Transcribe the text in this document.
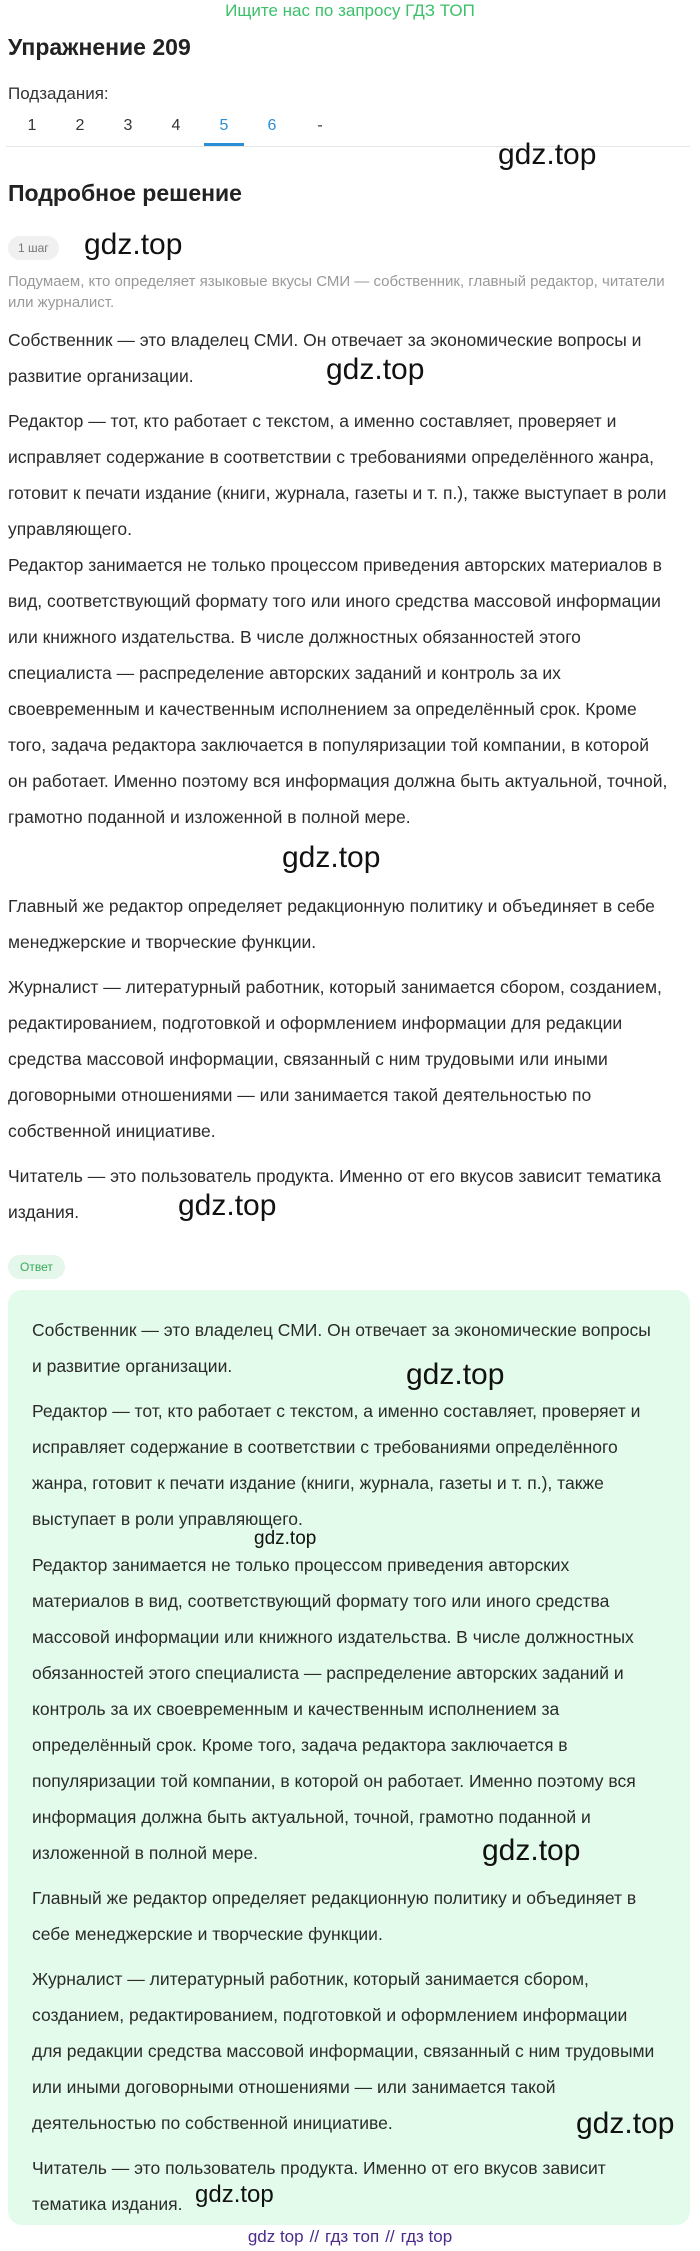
Ищите нас по запросу ГДЗ ТОП
Упражнение 209
Подзадания:
1	2	3	4	5	6	-
gdz.top
Подробное решение
1 шаг	gdz.top
Подумаем, кто определяет языковые вкусы СМИ — собственник, главный редактор, читатели или журналист.
Собственник — это владелец СМИ. Он отвечает за экономические вопросы и развитие организации.	gdz.top
Редактор — тот, кто работает с текстом, а именно составляет, проверяет и исправляет содержание в соответствии с требованиями определённого жанра, готовит к печати издание (книги, журнала, газеты и т. п.), также выступает в роли управляющего.
Редактор занимается не только процессом приведения авторских материалов в вид, соответствующий формату того или иного средства массовой информации или книжного издательства. В числе должностных обязанностей этого специалиста — распределение авторских заданий и контроль за их своевременным и качественным исполнением за определённый срок. Кроме того, задача редактора заключается в популяризации той компании, в которой он работает. Именно поэтому вся информация должна быть актуальной, точной, грамотно поданной и изложенной в полной мере.
gdz.top
Главный же редактор определяет редакционную политику и объединяет в себе менеджерские и творческие функции.
Журналист — литературный работник, который занимается сбором, созданием, редактированием, подготовкой и оформлением информации для редакции средства массовой информации, связанный с ним трудовыми или иными договорными отношениями — или занимается такой деятельностью по собственной инициативе.
Читатель — это пользователь продукта. Именно от его вкусов зависит тематика издания.	gdz.top
Ответ
Собственник — это владелец СМИ. Он отвечает за экономические вопросы и развитие организации.	gdz.top
Редактор — тот, кто работает с текстом, а именно составляет, проверяет и исправляет содержание в соответствии с требованиями определённого жанра, готовит к печати издание (книги, журнала, газеты и т. п.), также выступает в роли управляющего.
gdz.top
Редактор занимается не только процессом приведения авторских материалов в вид, соответствующий формату того или иного средства массовой информации или книжного издательства. В числе должностных обязанностей этого специалиста — распределение авторских заданий и контроль за их своевременным и качественным исполнением за определённый срок. Кроме того, задача редактора заключается в популяризации той компании, в которой он работает. Именно поэтому вся информация должна быть актуальной, точной, грамотно поданной и изложенной в полной мере.	gdz.top
Главный же редактор определяет редакционную политику и объединяет в себе менеджерские и творческие функции.
Журналист — литературный работник, который занимается сбором, созданием, редактированием, подготовкой и оформлением информации для редакции средства массовой информации, связанный с ним трудовыми или иными договорными отношениями — или занимается такой деятельностью по собственной инициативе.	gdz.top
Читатель — это пользователь продукта. Именно от его вкусов зависит тематика издания. gdz.top
gdz top // гдз топ // гдз top
